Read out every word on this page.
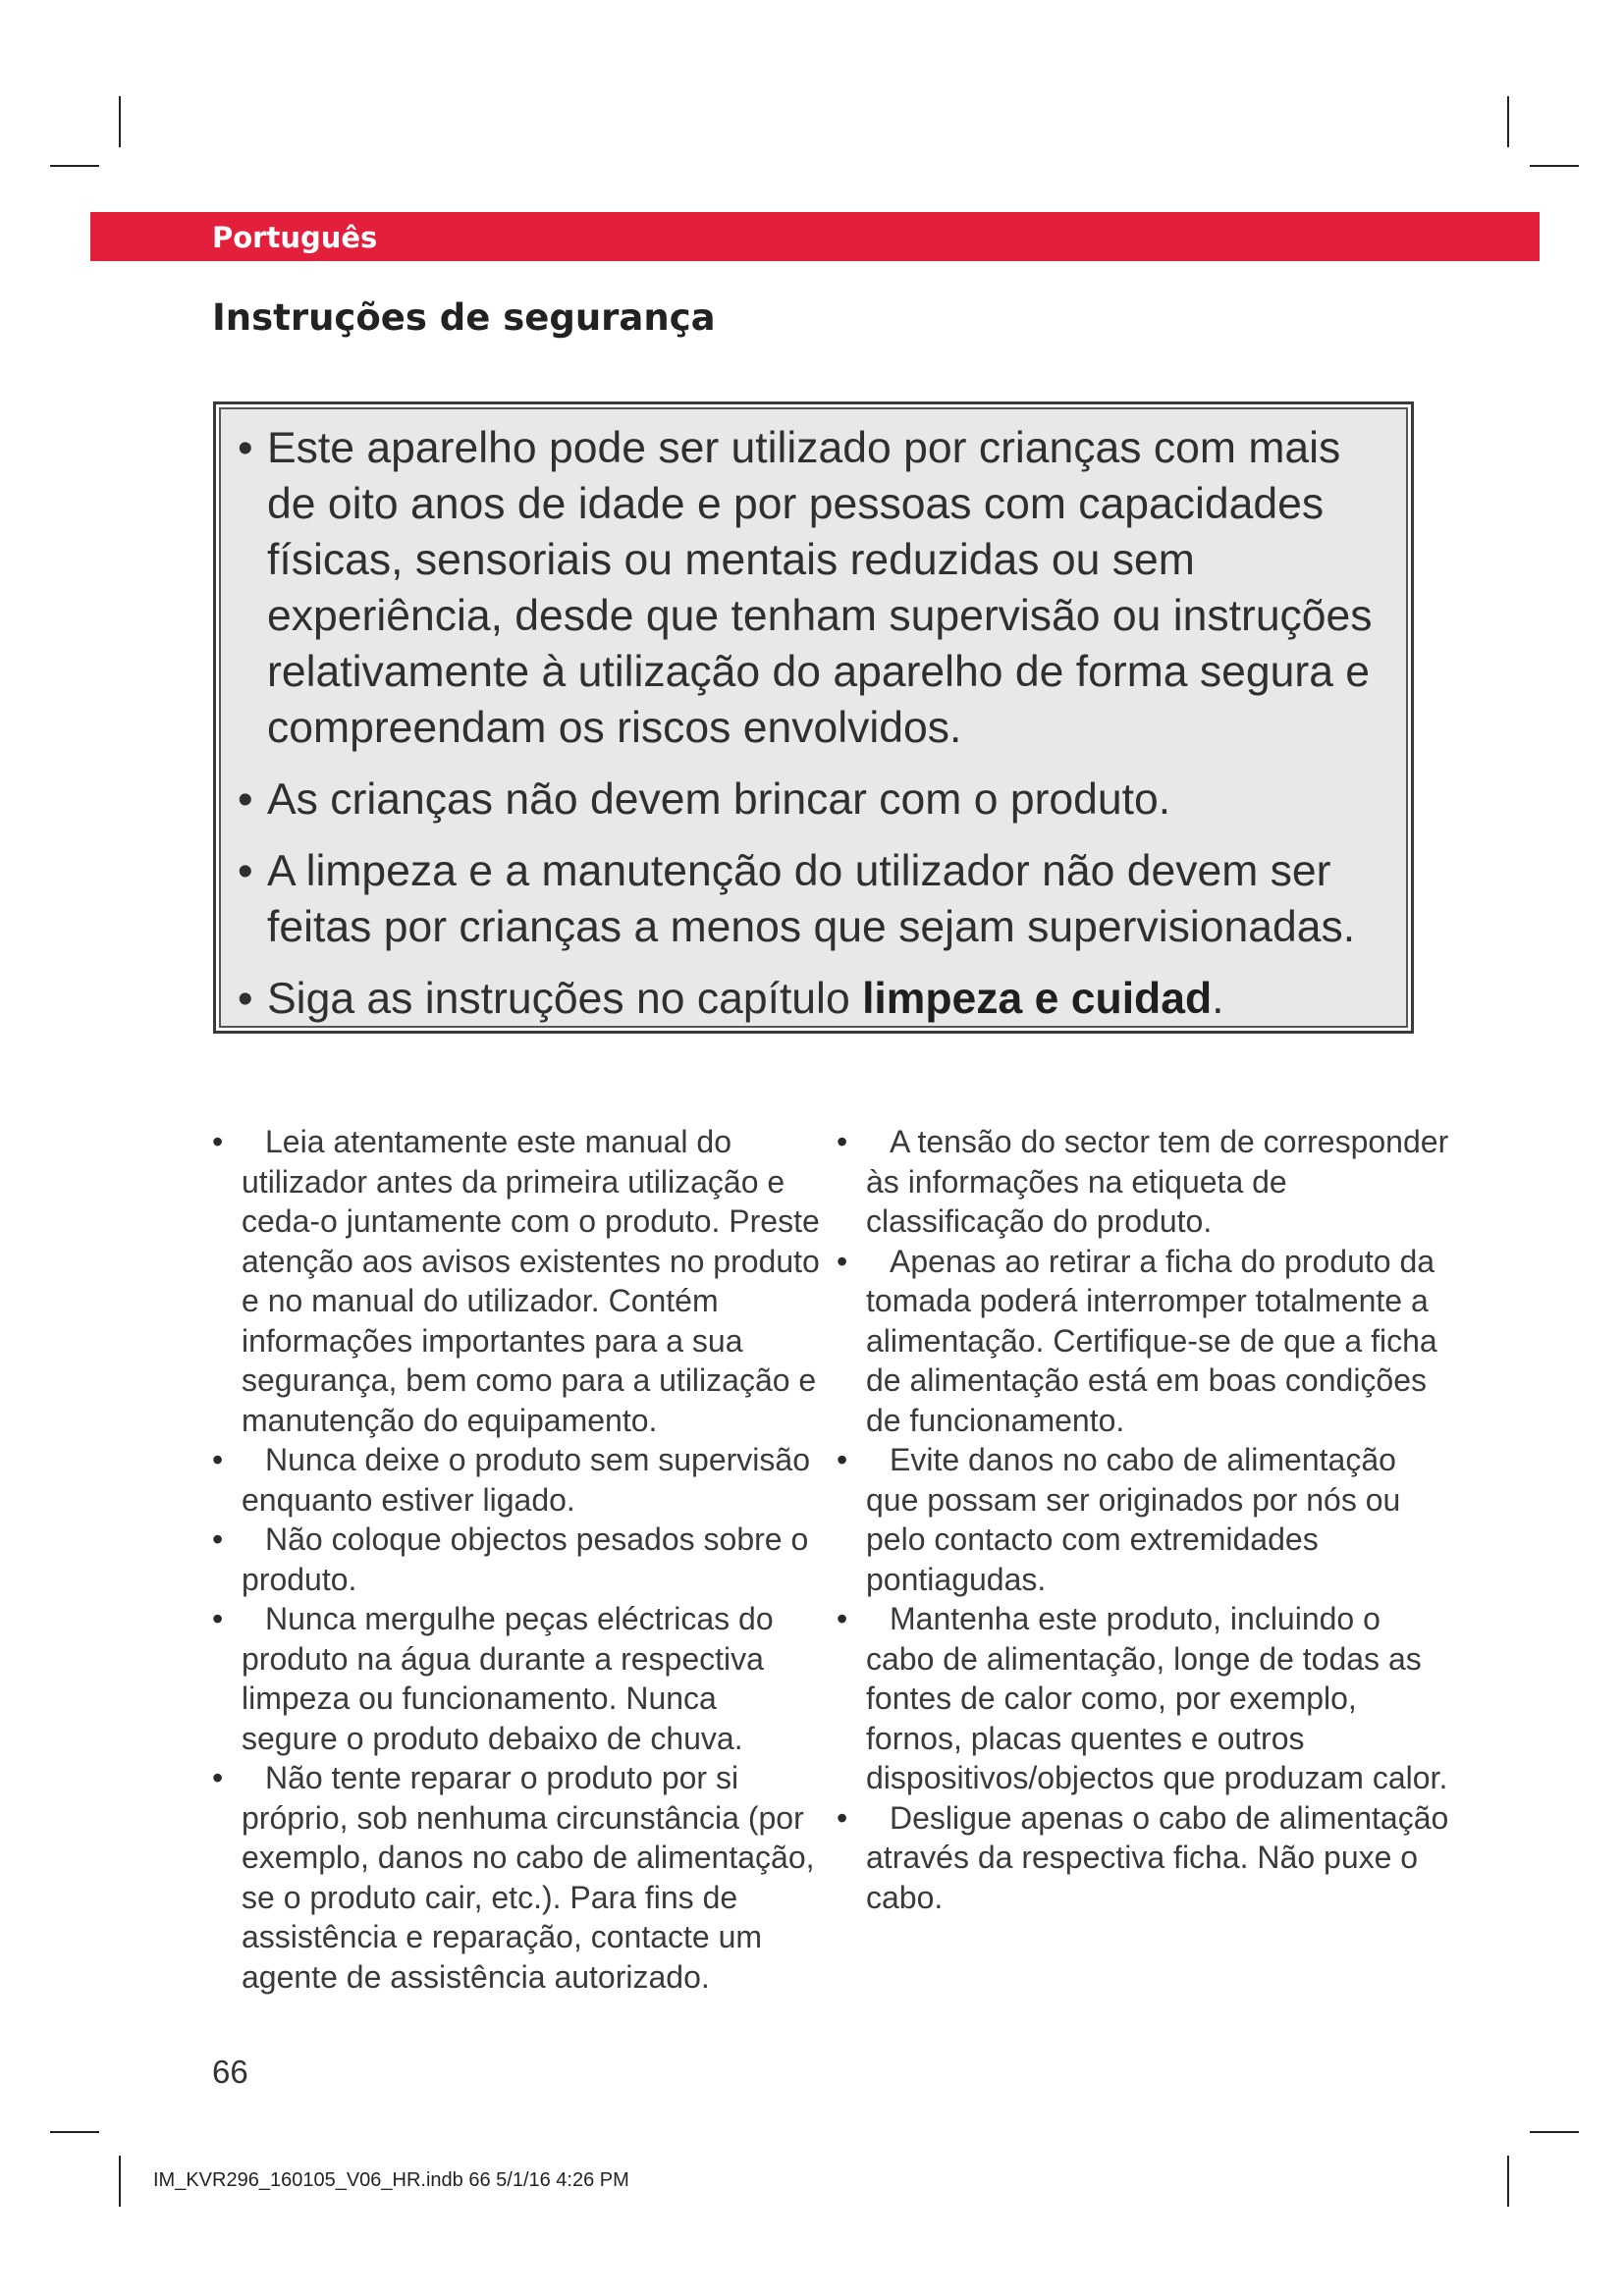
Português
Instruções de segurança
• Este aparelho pode ser utilizado por crianças com mais de oito anos de idade e por pessoas com capacidades físicas, sensoriais ou mentais reduzidas ou sem experiência, desde que tenham supervisão ou instruções relativamente à utilização do aparelho de forma segura e compreendam os riscos envolvidos.
• As crianças não devem brincar com o produto.
• A limpeza e a manutenção do utilizador não devem ser feitas por crianças a menos que sejam supervisionadas.
• Siga as instruções no capítulo limpeza e cuidad.
• Leia atentamente este manual do utilizador antes da primeira utilização e ceda-o juntamente com o produto. Preste atenção aos avisos existentes no produto e no manual do utilizador. Contém informações importantes para a sua segurança, bem como para a utilização e manutenção do equipamento.
• Nunca deixe o produto sem supervisão enquanto estiver ligado.
• Não coloque objectos pesados sobre o produto.
• Nunca mergulhe peças eléctricas do produto na água durante a respectiva limpeza ou funcionamento. Nunca segure o produto debaixo de chuva.
• Não tente reparar o produto por si próprio, sob nenhuma circunstância (por exemplo, danos no cabo de alimentação, se o produto cair, etc.). Para fins de assistência e reparação, contacte um agente de assistência autorizado.
• A tensão do sector tem de corresponder às informações na etiqueta de classificação do produto.
• Apenas ao retirar a ficha do produto da tomada poderá interromper totalmente a alimentação. Certifique-se de que a ficha de alimentação está em boas condições de funcionamento.
• Evite danos no cabo de alimentação que possam ser originados por nós ou pelo contacto com extremidades pontiagudas.
• Mantenha este produto, incluindo o cabo de alimentação, longe de todas as fontes de calor como, por exemplo, fornos, placas quentes e outros dispositivos/objectos que produzam calor.
• Desligue apenas o cabo de alimentação através da respectiva ficha. Não puxe o cabo.
66
IM_KVR296_160105_V06_HR.indb 66 5/1/16 4:26 PM
